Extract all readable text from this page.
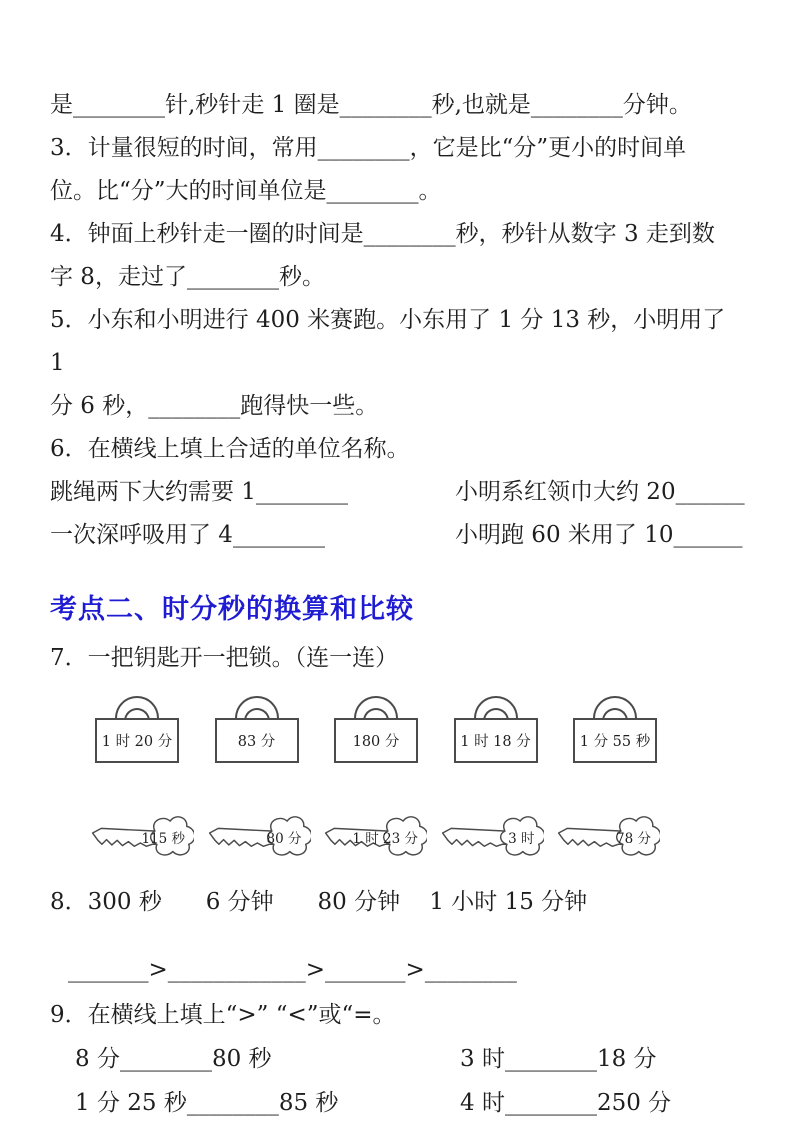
是________针,秒针走 1 圈是________秒,也就是________分钟。

3．计量很短的时间，常用________，它是比“分”更小的时间单

位。比“分”大的时间单位是________。

4．钟面上秒针走一圈的时间是________秒，秒针从数字 3 走到数

字 8，走过了________秒。

5．小东和小明进行 400 米赛跑。小东用了 1 分 13 秒，小明用了 1

分 6 秒，________跑得快一些。

6．在横线上填上合适的单位名称。

跳绳两下大约需要 1________	小明系红领巾大约 20______
一次深呼吸用了 4________	小明跑 60 米用了 10______
考点二、时分秒的换算和比较

7．一把钥匙开一把锁。（连一连）

1 时 20 分	83 分	180 分	1 时 18 分	1 分 55 秒
115 秒	80 分	1 时 23 分	3 时	78 分

8．300 秒      6 分钟      80 分钟    1 小时 15 分钟

_______>____________>_______>________

9．在横线上填上“>” “<”或“=。

8 分________80 秒	3 时________18 分
1 分 25 秒________85 秒	4 时________250 分
